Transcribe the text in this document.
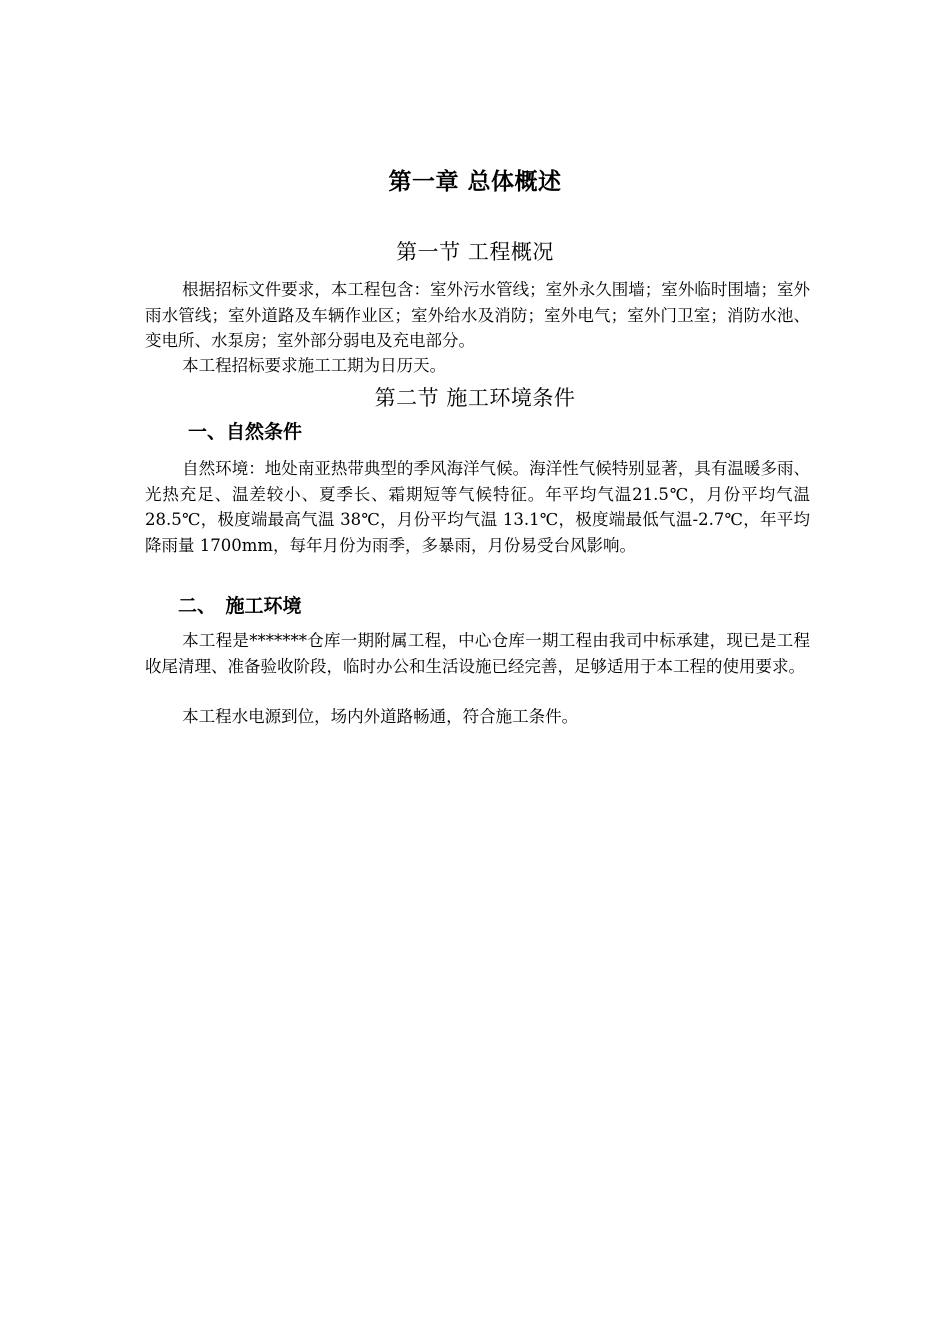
第一章 总体概述
第一节 工程概况

根据招标文件要求，本工程包含：室外污水管线；室外永久围墙；室外临时围墙；室外雨水管线；室外道路及车辆作业区；室外给水及消防；室外电气；室外门卫室；消防水池、变电所、水泵房；室外部分弱电及充电部分。

本工程招标要求施工工期为日历天。

第二节 施工环境条件
一、自然条件

自然环境：地处南亚热带典型的季风海洋气候。海洋性气候特别显著，具有温暖多雨、光热充足、温差较小、夏季长、霜期短等气候特征。年平均气温21.5℃，月份平均气温 28.5℃，极度端最高气温 38℃，月份平均气温 13.1℃，极度端最低气温-2.7℃，年平均降雨量 1700mm，每年月份为雨季，多暴雨，月份易受台风影响。

二、　施工环境

本工程是*******仓库一期附属工程，中心仓库一期工程由我司中标承建，现已是工程收尾清理、准备验收阶段，临时办公和生活设施已经完善，足够适用于本工程的使用要求。

本工程水电源到位，场内外道路畅通，符合施工条件。
